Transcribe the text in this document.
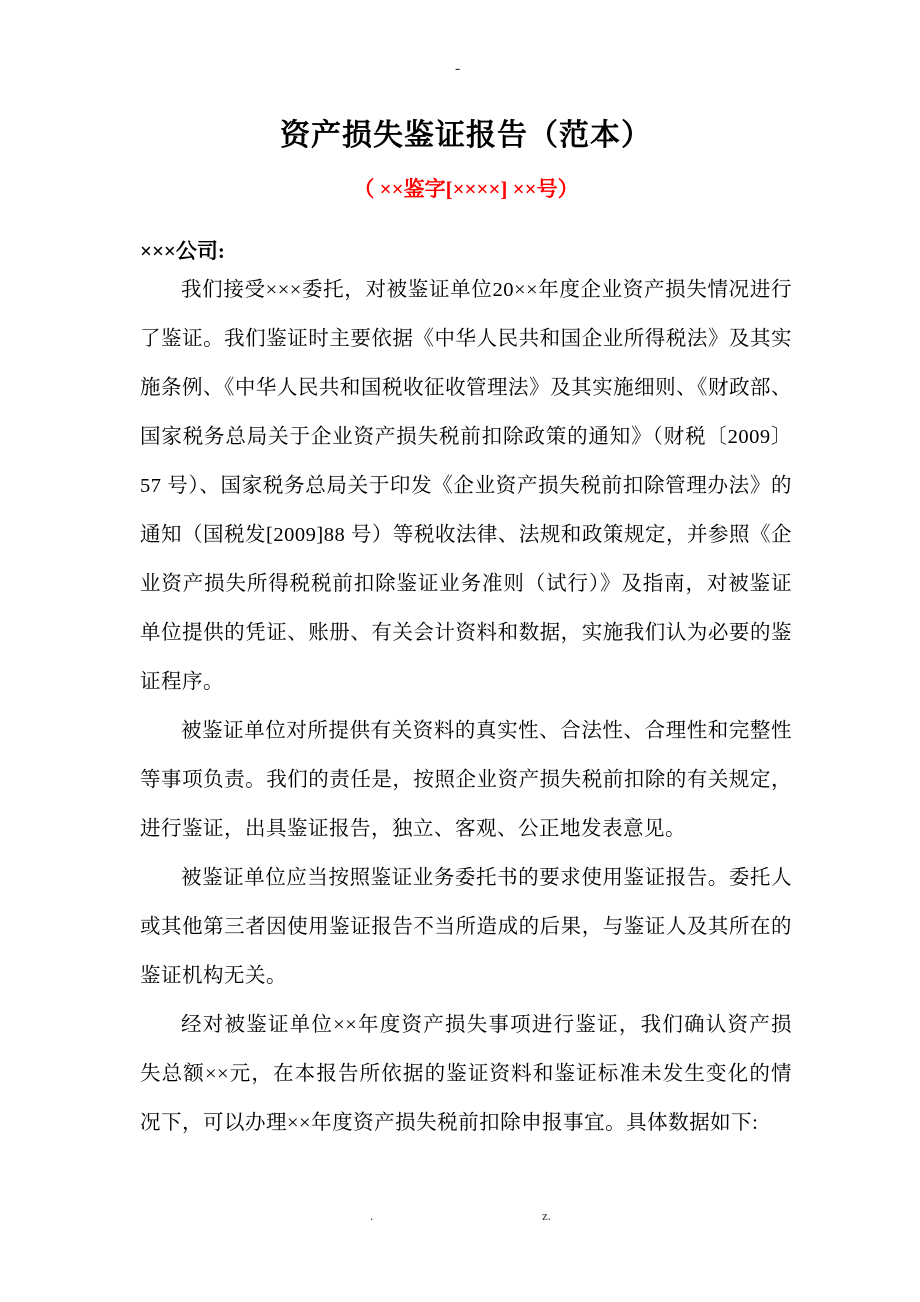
-
资产损失鉴证报告（范本）
（ ××鉴字[××××] ××号）
×××公司:

我们接受×××委托，对被鉴证单位20××年度企业资产损失情况进行了鉴证。我们鉴证时主要依据《中华人民共和国企业所得税法》及其实施条例、《中华人民共和国税收征收管理法》及其实施细则、《财政部、国家税务总局关于企业资产损失税前扣除政策的通知》（财税〔2009〕57 号）、国家税务总局关于印发《企业资产损失税前扣除管理办法》的通知（国税发[2009]88 号）等税收法律、法规和政策规定，并参照《企业资产损失所得税税前扣除鉴证业务准则（试行）》及指南，对被鉴证单位提供的凭证、账册、有关会计资料和数据，实施我们认为必要的鉴证程序。

被鉴证单位对所提供有关资料的真实性、合法性、合理性和完整性等事项负责。我们的责任是，按照企业资产损失税前扣除的有关规定，进行鉴证，出具鉴证报告，独立、客观、公正地发表意见。

被鉴证单位应当按照鉴证业务委托书的要求使用鉴证报告。委托人或其他第三者因使用鉴证报告不当所造成的后果，与鉴证人及其所在的鉴证机构无关。

经对被鉴证单位××年度资产损失事项进行鉴证，我们确认资产损失总额××元，在本报告所依据的鉴证资料和鉴证标准未发生变化的情况下，可以办理××年度资产损失税前扣除申报事宜。具体数据如下:

.	z.
